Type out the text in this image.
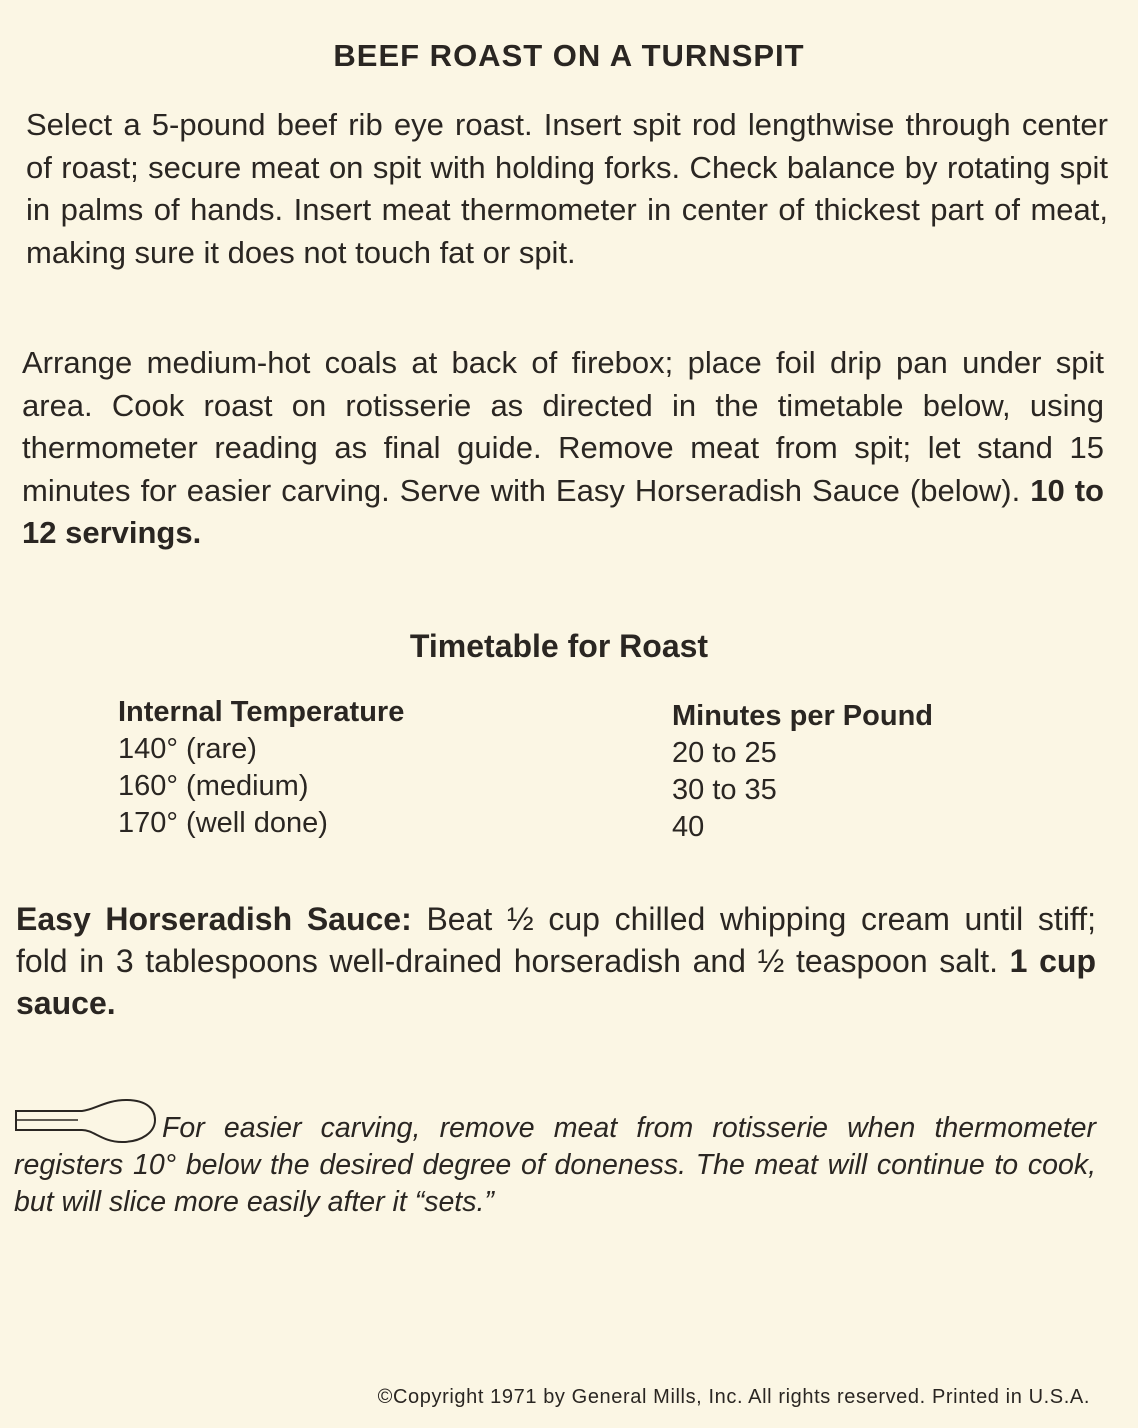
BEEF ROAST ON A TURNSPIT

Select a 5-pound beef rib eye roast. Insert spit rod lengthwise through center of roast; secure meat on spit with holding forks. Check balance by rotating spit in palms of hands. Insert meat thermometer in center of thickest part of meat, making sure it does not touch fat or spit.

Arrange medium-hot coals at back of firebox; place foil drip pan under spit area. Cook roast on rotisserie as directed in the timetable below, using thermometer reading as final guide. Remove meat from spit; let stand 15 minutes for easier carving. Serve with Easy Horseradish Sauce (below). 10 to 12 servings.

Timetable for Roast
Internal Temperature
140° (rare)
160° (medium)
170° (well done)
Minutes per Pound
20 to 25
30 to 35
40

Easy Horseradish Sauce: Beat ½ cup chilled whipping cream until stiff; fold in 3 tablespoons well-drained horseradish and ½ teaspoon salt. 1 cup sauce.

For easier carving, remove meat from rotisserie when thermometer registers 10° below the desired degree of doneness. The meat will continue to cook, but will slice more easily after it “sets.”

©Copyright 1971 by General Mills, Inc. All rights reserved. Printed in U.S.A.
